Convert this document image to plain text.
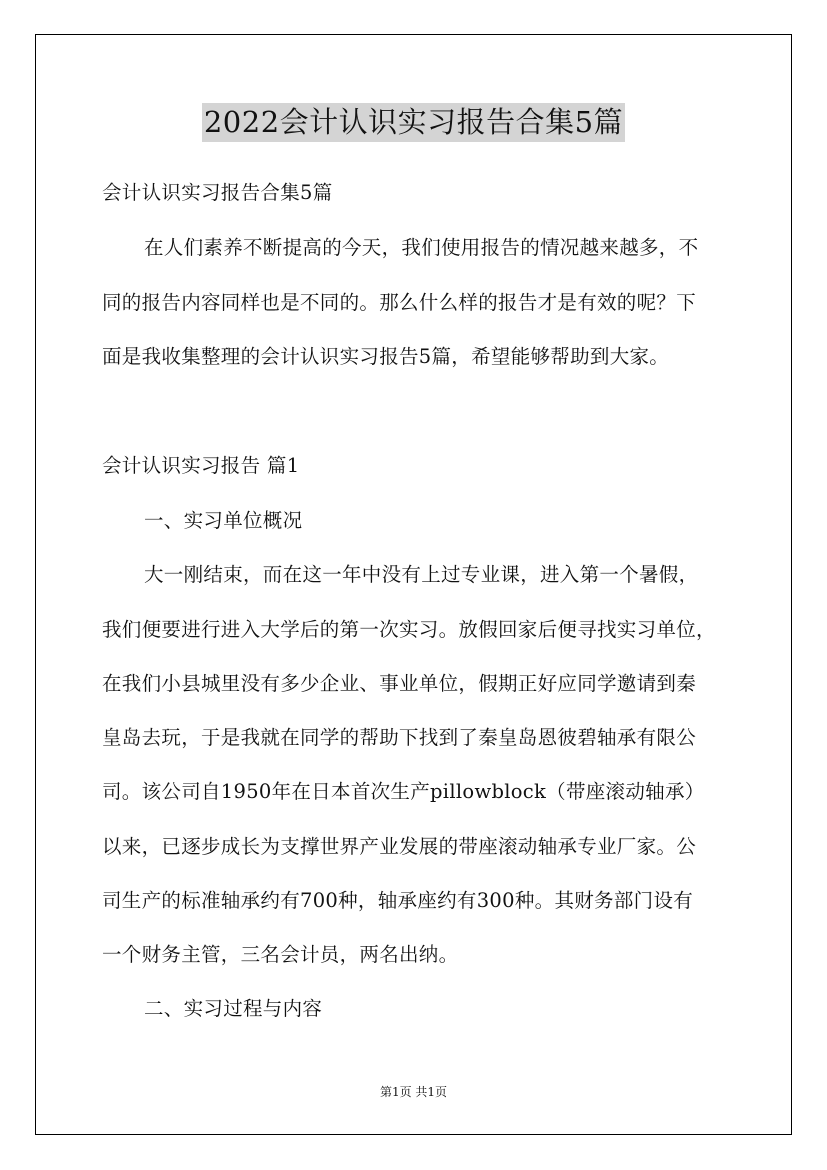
2022会计认识实习报告合集5篇
会计认识实习报告合集5篇
在人们素养不断提高的今天，我们使用报告的情况越来越多，不
同的报告内容同样也是不同的。那么什么样的报告才是有效的呢？下
面是我收集整理的会计认识实习报告5篇，希望能够帮助到大家。
会计认识实习报告 篇1
一、实习单位概况
大一刚结束，而在这一年中没有上过专业课，进入第一个暑假，
我们便要进行进入大学后的第一次实习。放假回家后便寻找实习单位，
在我们小县城里没有多少企业、事业单位，假期正好应同学邀请到秦
皇岛去玩，于是我就在同学的帮助下找到了秦皇岛恩彼碧轴承有限公
司。该公司自1950年在日本首次生产pillowblock（带座滚动轴承）
以来，已逐步成长为支撑世界产业发展的带座滚动轴承专业厂家。公
司生产的标准轴承约有700种，轴承座约有300种。其财务部门设有
一个财务主管，三名会计员，两名出纳。
二、实习过程与内容
第1页 共1页
